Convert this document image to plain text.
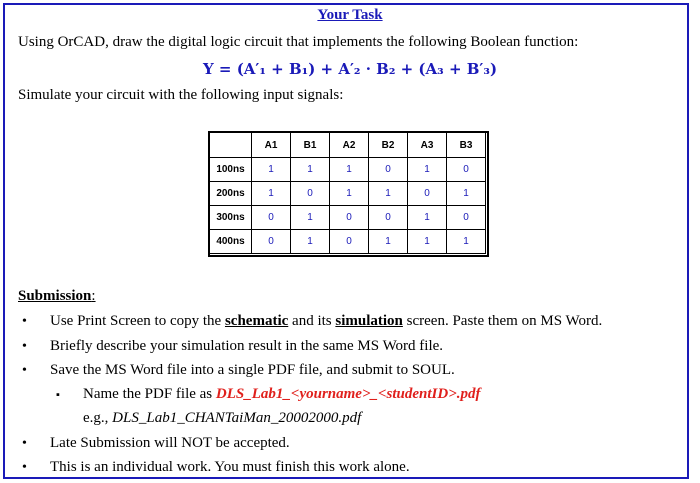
Your Task
Using OrCAD, draw the digital logic circuit that implements the following Boolean function:
Y = (A′₁ + B₁) + A′₂ · B₂ + (A₃ + B′₃)
Simulate your circuit with the following input signals:
	A1	B1	A2	B2	A3	B3
100ns	1	1	1	0	1	0
200ns	1	0	1	1	0	1
300ns	0	1	0	0	1	0
400ns	0	1	0	1	1	1
Submission:
• Use Print Screen to copy the schematic and its simulation screen. Paste them on MS Word.
• Briefly describe your simulation result in the same MS Word file.
• Save the MS Word file into a single PDF file, and submit to SOUL.
▪ Name the PDF file as DLS_Lab1_<yourname>_<studentID>.pdf
e.g., DLS_Lab1_CHANTaiMan_20002000.pdf
• Late Submission will NOT be accepted.
• This is an individual work. You must finish this work alone.
